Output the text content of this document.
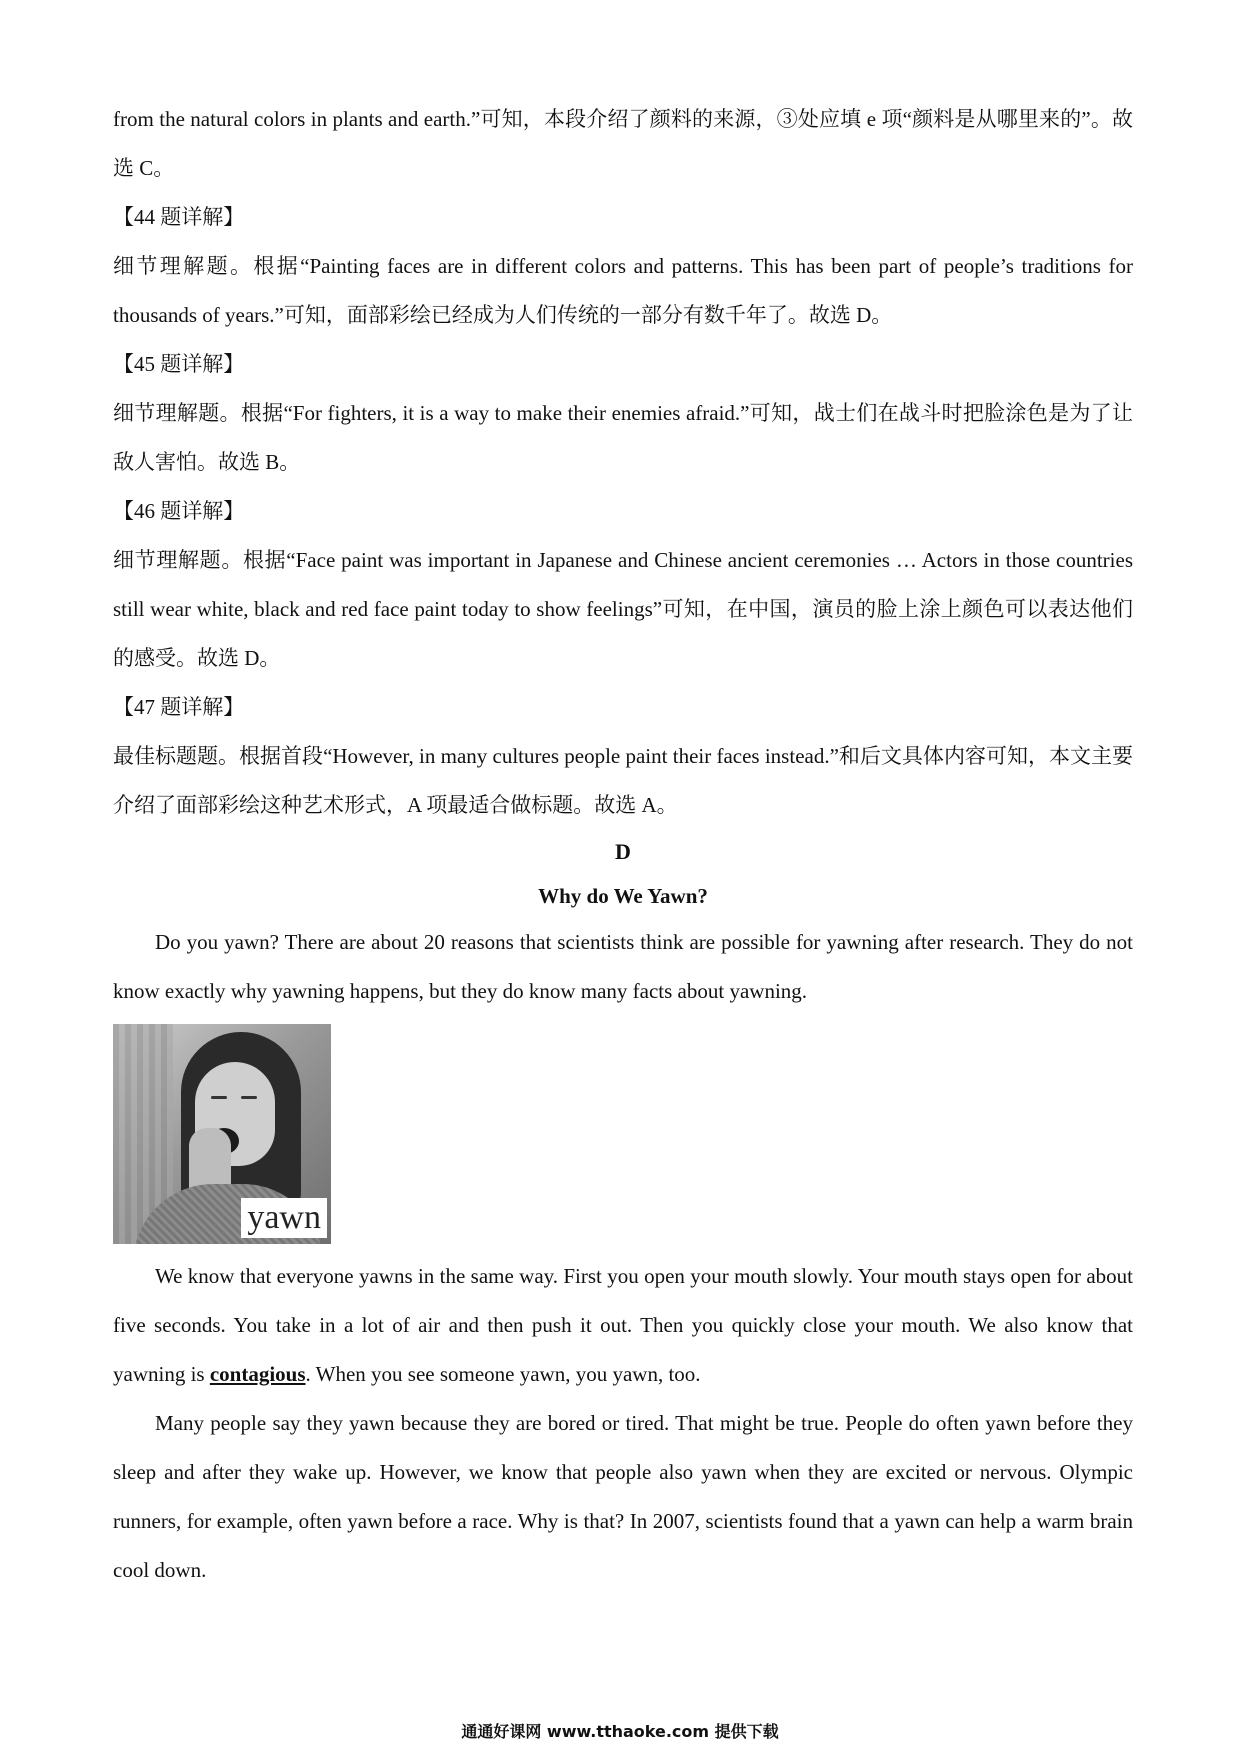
from the natural colors in plants and earth.”可知，本段介绍了颜料的来源，③处应填 e 项“颜料是从哪里来的”。故选 C。

【44 题详解】

细节理解题。根据“Painting faces are in different colors and patterns. This has been part of people’s traditions for thousands of years.”可知，面部彩绘已经成为人们传统的一部分有数千年了。故选 D。

【45 题详解】

细节理解题。根据“For fighters, it is a way to make their enemies afraid.”可知，战士们在战斗时把脸涂色是为了让敌人害怕。故选 B。

【46 题详解】

细节理解题。根据“Face paint was important in Japanese and Chinese ancient ceremonies … Actors in those countries still wear white, black and red face paint today to show feelings”可知，在中国，演员的脸上涂上颜色可以表达他们的感受。故选 D。

【47 题详解】

最佳标题题。根据首段“However, in many cultures people paint their faces instead.”和后文具体内容可知，本文主要介绍了面部彩绘这种艺术形式，A 项最适合做标题。故选 A。

D

Why do We Yawn?

Do you yawn? There are about 20 reasons that scientists think are possible for yawning after research. They do not know exactly why yawning happens, but they do know many facts about yawning.

yawn

We know that everyone yawns in the same way. First you open your mouth slowly. Your mouth stays open for about five seconds. You take in a lot of air and then push it out. Then you quickly close your mouth. We also know that yawning is contagious. When you see someone yawn, you yawn, too.

Many people say they yawn because they are bored or tired. That might be true. People do often yawn before they sleep and after they wake up. However, we know that people also yawn when they are excited or nervous. Olympic runners, for example, often yawn before a race. Why is that? In 2007, scientists found that a yawn can help a warm brain cool down.

通通好课网 www.tthaoke.com 提供下载
